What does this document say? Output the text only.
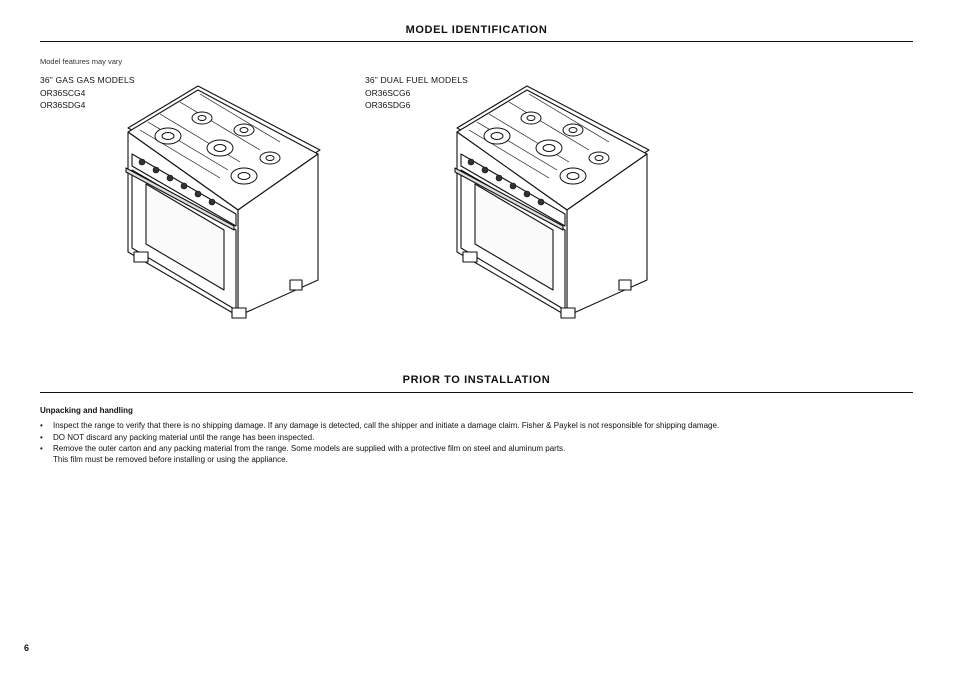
MODEL IDENTIFICATION
Model features may vary
36” GAS GAS MODELS
OR36SCG4
OR36SDG4
36” DUAL FUEL MODELS
OR36SCG6
OR36SDG6
PRIOR TO INSTALLATION
Unpacking and handling
• Inspect the range to verify that there is no shipping damage. If any damage is detected, call the shipper and initiate a damage claim. Fisher & Paykel is not responsible for shipping damage.
• DO NOT discard any packing material until the range has been inspected.
• Remove the outer carton and any packing material from the range. Some models are supplied with a protective film on steel and aluminum parts.
This film must be removed before installing or using the appliance.
6
